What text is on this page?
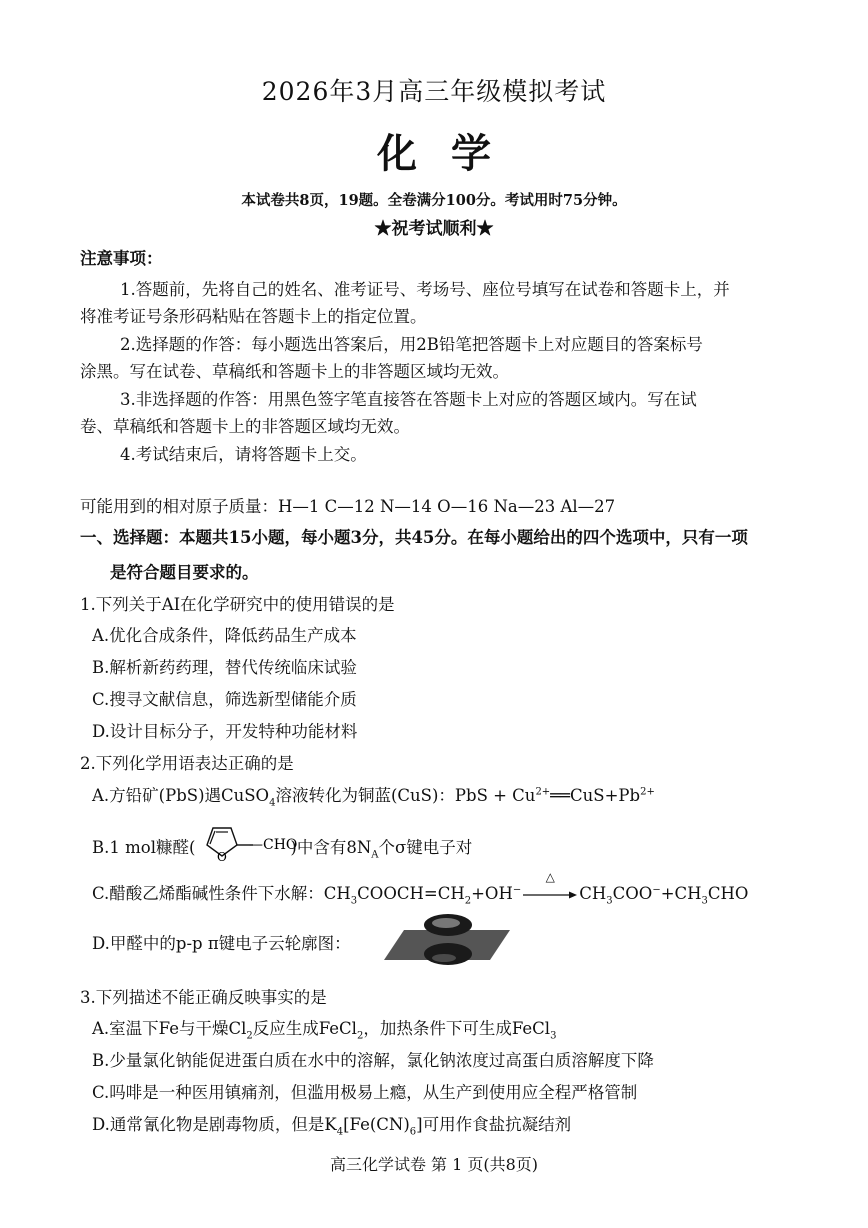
2026年3月高三年级模拟考试
化学
本试卷共8页，19题。全卷满分100分。考试用时75分钟。
★祝考试顺利★
注意事项：
1.答题前，先将自己的姓名、准考证号、考场号、座位号填写在试卷和答题卡上，并
将准考证号条形码粘贴在答题卡上的指定位置。
2.选择题的作答：每小题选出答案后，用2B铅笔把答题卡上对应题目的答案标号
涂黑。写在试卷、草稿纸和答题卡上的非答题区域均无效。
3.非选择题的作答：用黑色签字笔直接答在答题卡上对应的答题区域内。写在试
卷、草稿纸和答题卡上的非答题区域均无效。
4.考试结束后，请将答题卡上交。
可能用到的相对原子质量：H—1 C—12 N—14 O—16 Na—23 Al—27
一、选择题：本题共15小题，每小题3分，共45分。在每小题给出的四个选项中，只有一项
是符合题目要求的。
1.下列关于AI在化学研究中的使用错误的是
A.优化合成条件，降低药品生产成本
B.解析新药药理，替代传统临床试验
C.搜寻文献信息，筛选新型储能介质
D.设计目标分子，开发特种功能材料
2.下列化学用语表达正确的是
A.方铅矿(PbS)遇CuSO$_4$溶液转化为铜蓝(CuS)：PbS + $Cu^{2+}══CuS+Pb^{2+}$
B.1 mol糠醛( O
—CHO
)中含有$8N_A$个σ键电子对
C.醋酸乙烯酯碱性条件下水解：$CH_3COOCH=CH_2+OH^-$
△
$CH_3COO^-+CH_3CHO$
D.甲醛中的p-p π键电子云轮廓图：
3.下列描述不能正确反映事实的是
A.室温下Fe与干燥$Cl_2$反应生成FeCl$_2$，加热条件下可生成FeCl$_3$
B.少量氯化钠能促进蛋白质在水中的溶解，氯化钠浓度过高蛋白质溶解度下降
C.吗啡是一种医用镇痛剂，但滥用极易上瘾，从生产到使用应全程严格管制
D.通常氰化物是剧毒物质，但是$K_4[Fe(CN)_6]$可用作食盐抗凝结剂
高三化学试卷 第 1 页(共8页)
